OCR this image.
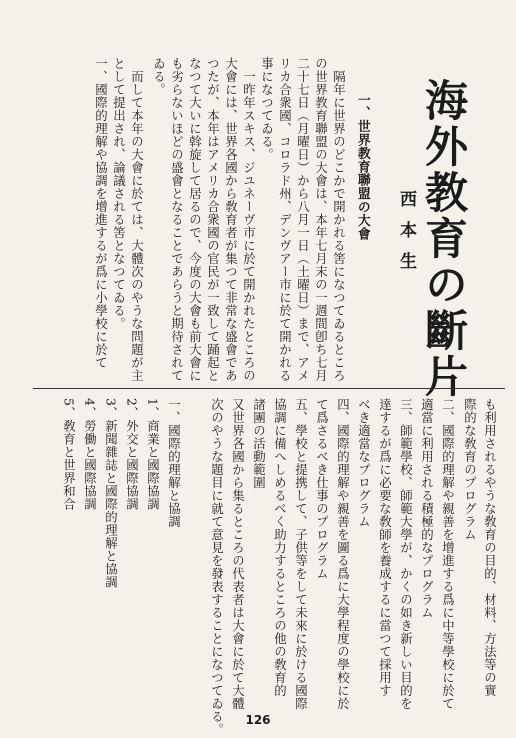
海外教育の斷片
西本生
一、世界教育聯盟の大會
隔年に世界のどこかで開かれる筈になつてゐるところ
の世界教育聯盟の大會は、本年七月末の一週間卽ち七月
二十七日（月曜日）から八月一日（土曜日）まで、アメ
リカ合衆國、コロラド州、デンヴアー市に於て開かれる
事になつてゐる。
一昨年スキス、ジユネーヴ市に於て開かれたところの
大會には、世界各國から敎育者が集つて非常な盛會であ
つたが、本年はアメリカ合衆國の官民が一致して踊起と
なつて大いに斡旋して居るので、今度の大會も前大會に
も劣らないほどの盛會となることであらうと期待されて
ゐる。
而して本年の大會に於ては、大體次のやうな問題が主
として提出され、論議される筈となつてゐる。
一、國際的理解や協調を增進するが爲に小學校に於て
も利用されるやうな敎育の目的、材料、方法等の實
際的な敎育のプログラム
二、國際的理解や親善を增進する爲に中等學校に於て
適當に利用される積極的なプログラム
三、師範學校、師範大學が、かくの如き新しい目的を
達するが爲に必要な敎師を養成するに當つて採用す
べき適當なプログラム
四、國際的理解や親善を圖る爲に大學程度の學校に於
て爲さるべき仕事のプログラム
五、學校と提携して、子供等をして未來に於ける國際
協調に備へしめるべく助力するところの他の敎育的
諸團の活動範圍
又世界各國から集るところの代表者は大會に於て大體
次のやうな題目に就て意見を發表することになつてゐる。
一、國際的理解と協調
1、商業と國際協調
2、外交と國際協調
3、新聞雜誌と國際的理解と協調
4、勞働と國際協調
5、敎育と世界和合
126
